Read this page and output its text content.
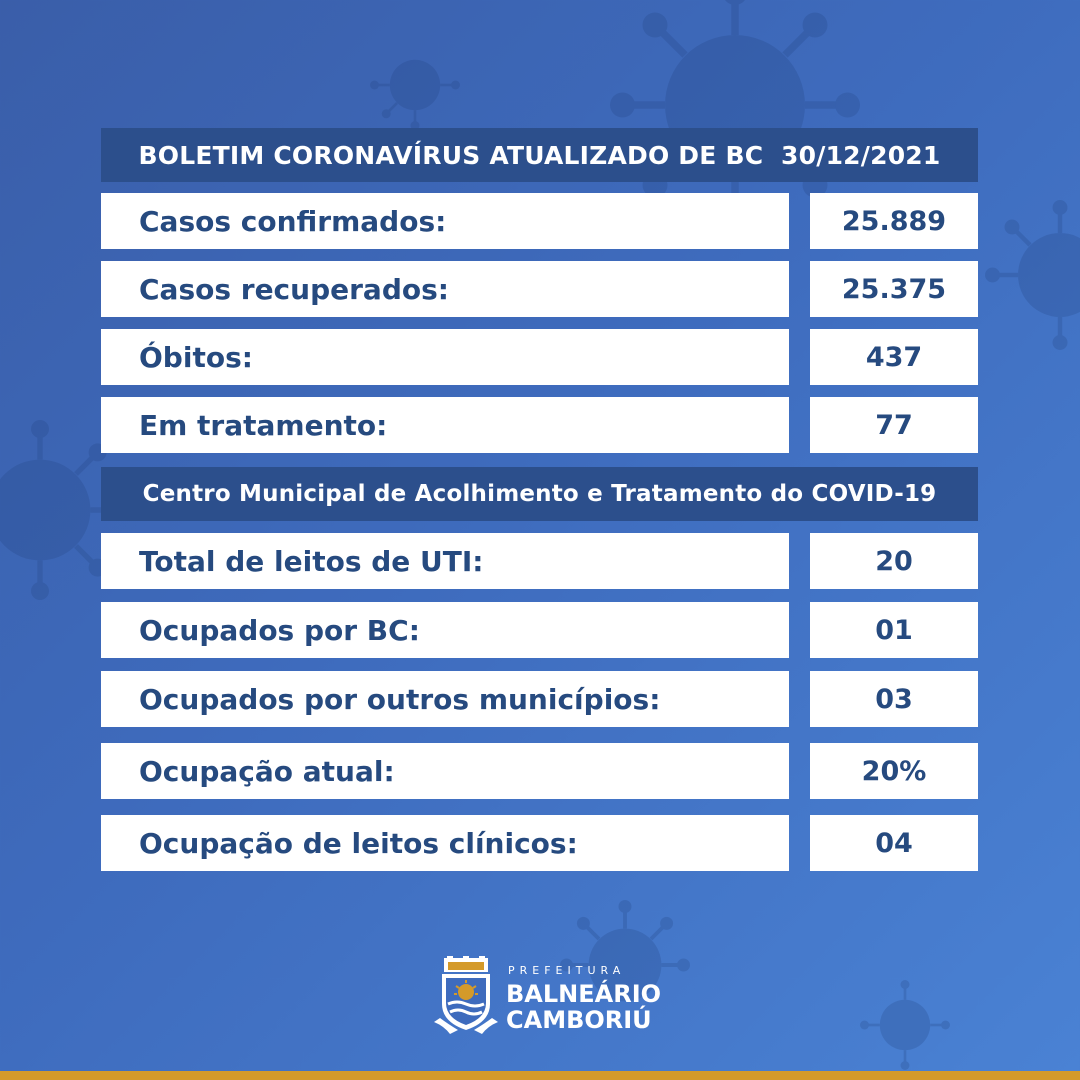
BOLETIM CORONAVÍRUS ATUALIZADO DE BC  30/12/2021
Casos confirmados:	25.889
Casos recuperados:	25.375
Óbitos:	437
Em tratamento:	77
Centro Municipal de Acolhimento e Tratamento do COVID-19
Total de leitos de UTI:	20
Ocupados por BC:	01
Ocupados por outros municípios:	03
Ocupação atual:	20%
Ocupação de leitos clínicos:	04
PREFEITURA
BALNEÁRIO
CAMBORIÚ
